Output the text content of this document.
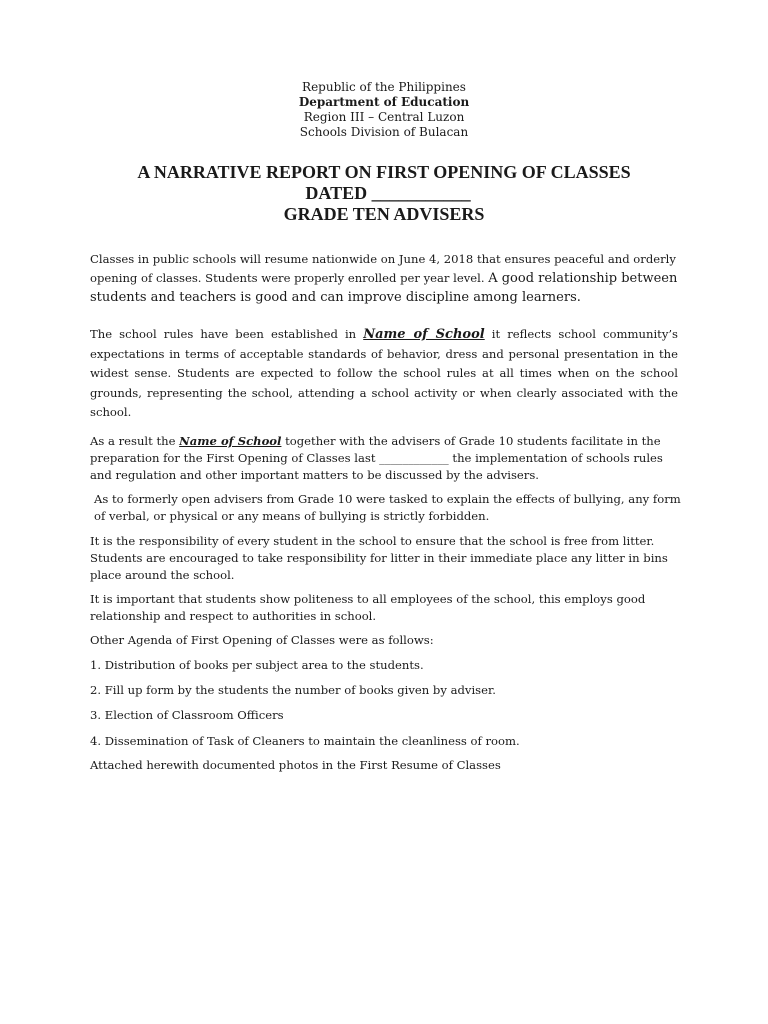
Republic of the Philippines
Department of Education
Region III – Central Luzon
Schools Division of Bulacan
A NARRATIVE REPORT ON FIRST OPENING OF CLASSES
DATED ___________
GRADE TEN ADVISERS
Classes in public schools will resume nationwide on June 4, 2018 that ensures peaceful and orderly opening of classes. Students were properly enrolled per year level. A good relationship between students and teachers is good and can improve discipline among learners.
The school rules have been established in Name of School it reflects school community’s expectations in terms of acceptable standards of behavior, dress and personal presentation in the widest sense. Students are expected to follow the school rules at all times when on the school grounds, representing the school, attending a school activity or when clearly associated with the school.
As a result the Name of School together with the advisers of Grade 10 students facilitate in the preparation for the First Opening of Classes last ____________ the implementation of schools rules and regulation and other important matters to be discussed by the advisers.
As to formerly open advisers from Grade 10 were tasked to explain the effects of bullying, any form of verbal, or physical or any means of bullying is strictly forbidden.
It is the responsibility of every student in the school to ensure that the school is free from litter. Students are encouraged to take responsibility for litter in their immediate place any litter in bins place around the school.
It is important that students show politeness to all employees of the school, this employs good relationship and respect to authorities in school.
Other Agenda of First Opening of Classes were as follows:
1. Distribution of books per subject area to the students.
2. Fill up form by the students the number of books given by adviser.
3. Election of Classroom Officers
4. Dissemination of Task of Cleaners to maintain the cleanliness of room.
Attached herewith documented photos in the First Resume of Classes
